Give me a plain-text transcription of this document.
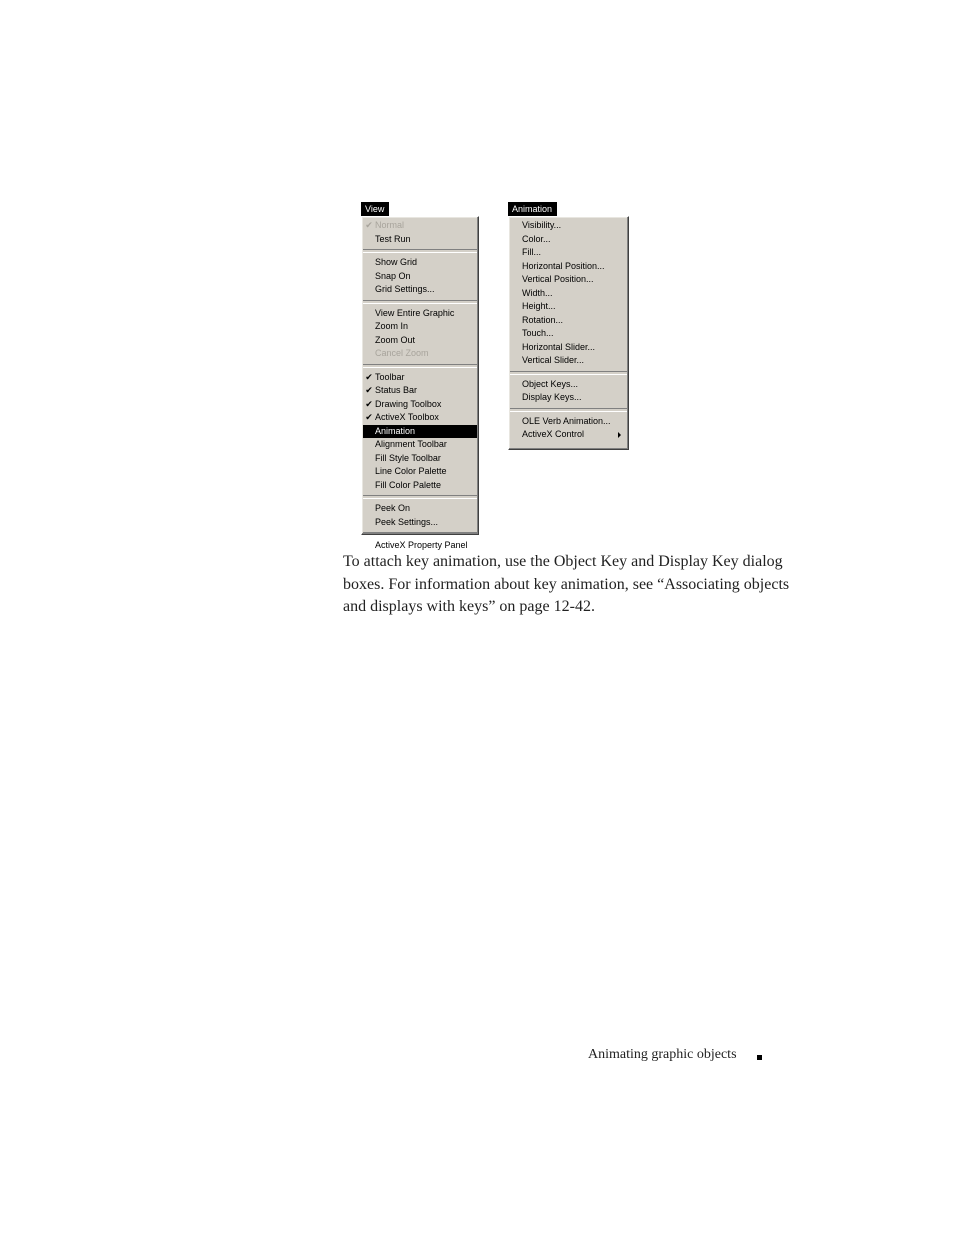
View
✔ Normal
Test Run
Show Grid
Snap On
Grid Settings...
View Entire Graphic
Zoom In
Zoom Out
Cancel Zoom
✔ Toolbar
✔ Status Bar
✔ Drawing Toolbox
✔ ActiveX Toolbox
Animation
Alignment Toolbar
Fill Style Toolbar
Line Color Palette
Fill Color Palette
Peek On
Peek Settings...
ActiveX Property Panel
Animation
Visibility...
Color...
Fill...
Horizontal Position...
Vertical Position...
Width...
Height...
Rotation...
Touch...
Horizontal Slider...
Vertical Slider...
Object Keys...
Display Keys...
OLE Verb Animation...
ActiveX Control
To attach key animation, use the Object Key and Display Key dialog boxes. For information about key animation, see “Associating objects and displays with keys” on page 12-42.
Animating graphic objects
